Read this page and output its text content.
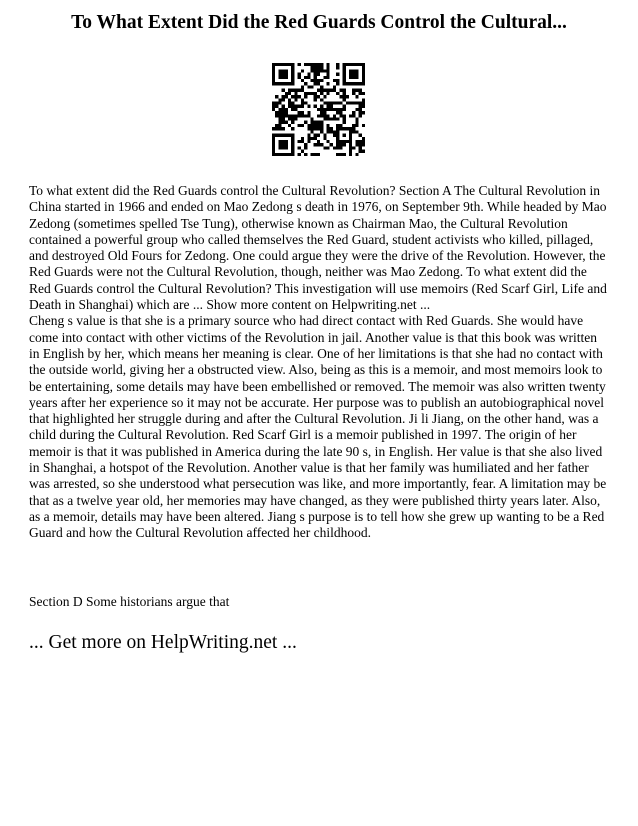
To What Extent Did the Red Guards Control the Cultural...

To what extent did the Red Guards control the Cultural Revolution? Section A The Cultural Revolution in China started in 1966 and ended on Mao Zedong s death in 1976, on September 9th. While headed by Mao Zedong (sometimes spelled Tse Tung), otherwise known as Chairman Mao, the Cultural Revolution contained a powerful group who called themselves the Red Guard, student activists who killed, pillaged, and destroyed Old Fours for Zedong. One could argue they were the drive of the Revolution. However, the Red Guards were not the Cultural Revolution, though, neither was Mao Zedong. To what extent did the Red Guards control the Cultural Revolution? This investigation will use memoirs (Red Scarf Girl, Life and Death in Shanghai) which are ... Show more content on Helpwriting.net ...

Cheng s value is that she is a primary source who had direct contact with Red Guards. She would have come into contact with other victims of the Revolution in jail. Another value is that this book was written in English by her, which means her meaning is clear. One of her limitations is that she had no contact with the outside world, giving her a obstructed view. Also, being as this is a memoir, and most memoirs look to be entertaining, some details may have been embellished or removed. The memoir was also written twenty years after her experience so it may not be accurate. Her purpose was to publish an autobiographical novel that highlighted her struggle during and after the Cultural Revolution. Ji li Jiang, on the other hand, was a child during the Cultural Revolution. Red Scarf Girl is a memoir published in 1997. The origin of her memoir is that it was published in America during the late 90 s, in English. Her value is that she also lived in Shanghai, a hotspot of the Revolution. Another value is that her family was humiliated and her father was arrested, so she understood what persecution was like, and more importantly, fear. A limitation may be that as a twelve year old, her memories may have changed, as they were published thirty years later. Also, as a memoir, details may have been altered. Jiang s purpose is to tell how she grew up wanting to be a Red Guard and how the Cultural Revolution affected her childhood.

Section D Some historians argue that

... Get more on HelpWriting.net ...
